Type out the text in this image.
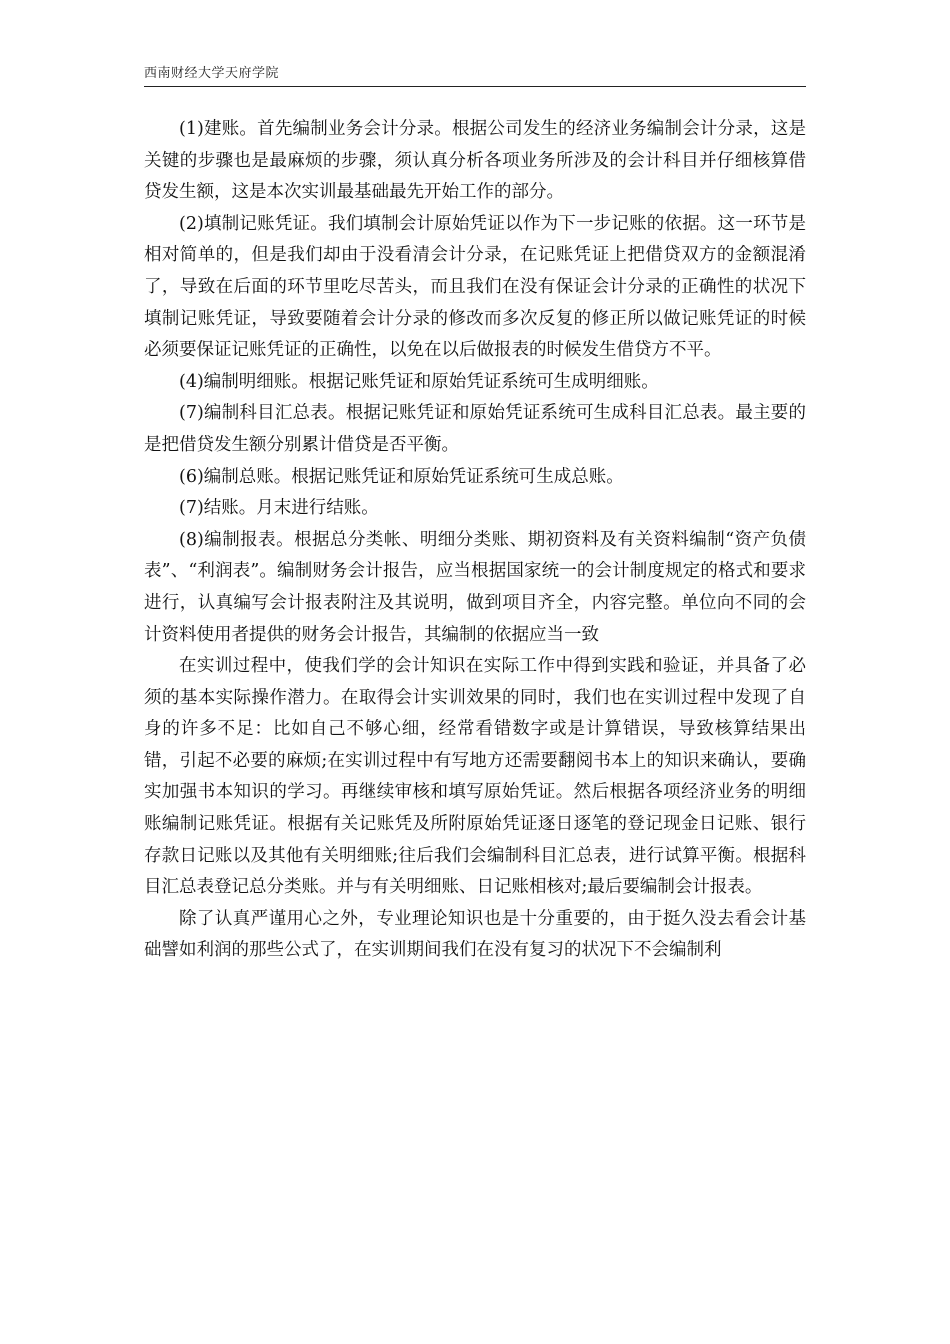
西南财经大学天府学院

(1)建账。首先编制业务会计分录。根据公司发生的经济业务编制会计分录，这是关键的步骤也是最麻烦的步骤，须认真分析各项业务所涉及的会计科目并仔细核算借贷发生额，这是本次实训最基础最先开始工作的部分。

(2)填制记账凭证。我们填制会计原始凭证以作为下一步记账的依据。这一环节是相对简单的，但是我们却由于没看清会计分录，在记账凭证上把借贷双方的金额混淆了，导致在后面的环节里吃尽苦头，而且我们在没有保证会计分录的正确性的状况下填制记账凭证，导致要随着会计分录的修改而多次反复的修正所以做记账凭证的时候必须要保证记账凭证的正确性，以免在以后做报表的时候发生借贷方不平。

(4)编制明细账。根据记账凭证和原始凭证系统可生成明细账。

(7)编制科目汇总表。根据记账凭证和原始凭证系统可生成科目汇总表。最主要的是把借贷发生额分别累计借贷是否平衡。

(6)编制总账。根据记账凭证和原始凭证系统可生成总账。

(7)结账。月末进行结账。

(8)编制报表。根据总分类帐、明细分类账、期初资料及有关资料编制“资产负债表”、“利润表”。编制财务会计报告，应当根据国家统一的会计制度规定的格式和要求进行，认真编写会计报表附注及其说明，做到项目齐全，内容完整。单位向不同的会计资料使用者提供的财务会计报告，其编制的依据应当一致

在实训过程中，使我们学的会计知识在实际工作中得到实践和验证，并具备了必须的基本实际操作潜力。在取得会计实训效果的同时，我们也在实训过程中发现了自身的许多不足：比如自己不够心细，经常看错数字或是计算错误，导致核算结果出错，引起不必要的麻烦;在实训过程中有写地方还需要翻阅书本上的知识来确认，要确实加强书本知识的学习。再继续审核和填写原始凭证。然后根据各项经济业务的明细账编制记账凭证。根据有关记账凭及所附原始凭证逐日逐笔的登记现金日记账、银行存款日记账以及其他有关明细账;往后我们会编制科目汇总表，进行试算平衡。根据科目汇总表登记总分类账。并与有关明细账、日记账相核对;最后要编制会计报表。

除了认真严谨用心之外，专业理论知识也是十分重要的，由于挺久没去看会计基础譬如利润的那些公式了，在实训期间我们在没有复习的状况下不会编制利
